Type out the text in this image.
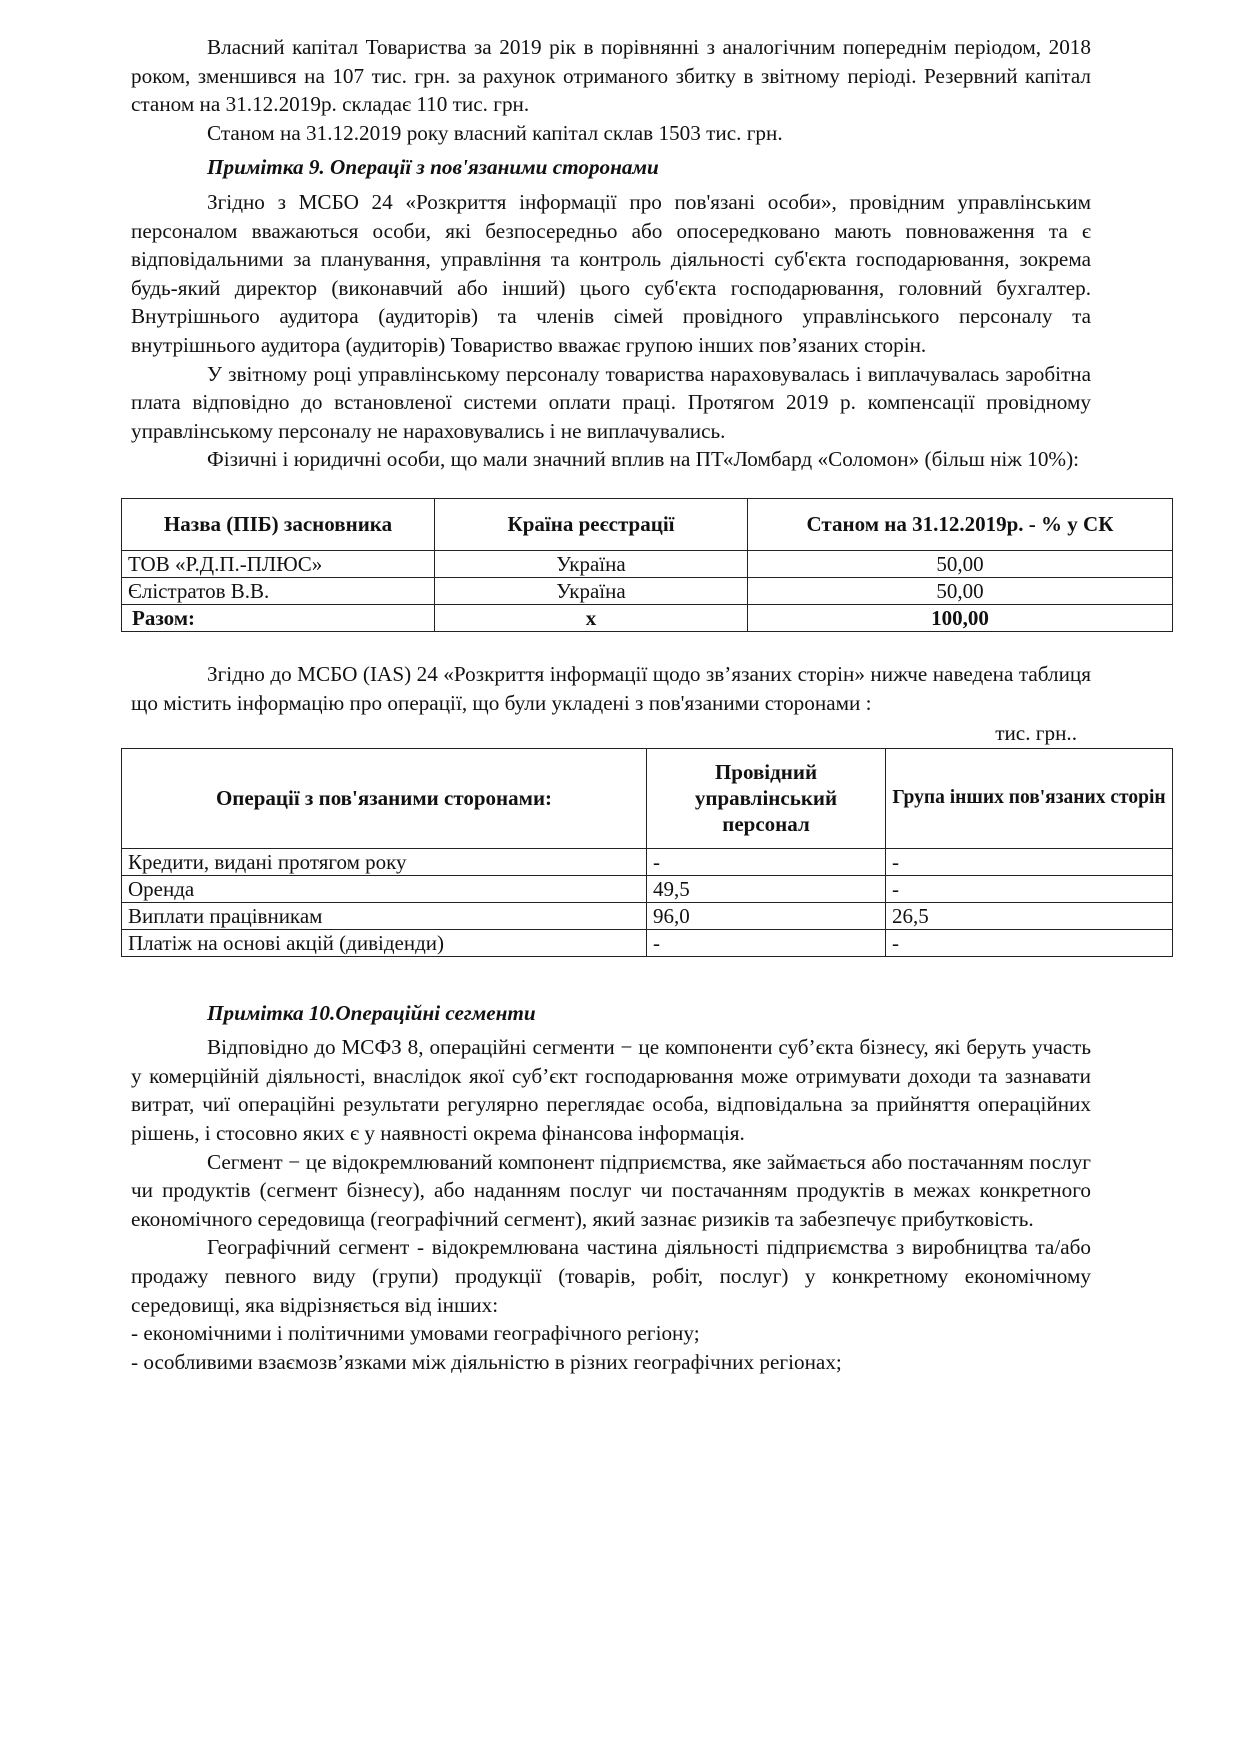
Власний капітал Товариства за 2019 рік в порівнянні з аналогічним попереднім періодом, 2018 роком, зменшився на 107 тис. грн. за рахунок отриманого збитку в звітному періоді. Резервний капітал станом на 31.12.2019р. складає 110 тис. грн.

Станом на 31.12.2019 року власний капітал склав 1503 тис. грн.

Примітка 9. Операції з пов'язаними сторонами

Згідно з МСБО 24 «Розкриття інформації про пов'язані особи», провідним управлінським персоналом вважаються особи, які безпосередньо або опосередковано мають повноваження та є відповідальними за планування, управління та контроль діяльності суб'єкта господарювання, зокрема будь-який директор (виконавчий або інший) цього суб'єкта господарювання, головний бухгалтер. Внутрішнього аудитора (аудиторів) та членів сімей провідного управлінського персоналу та внутрішнього аудитора (аудиторів) Товариство вважає групою інших пов’язаних сторін.

У звітному році управлінському персоналу товариства нараховувалась і виплачувалась заробітна плата відповідно до встановленої системи оплати праці. Протягом 2019 р. компенсації провідному управлінському персоналу не нараховувались і не виплачувались.

Фізичні і юридичні особи, що мали значний вплив на ПТ«Ломбард «Соломон» (більш ніж 10%):

Назва (ПІБ) засновника	Країна реєстрації	Станом на 31.12.2019р. - % у СК
ТОВ «Р.Д.П.-ПЛЮС»	Україна	50,00
Єлістратов В.В.	Україна	50,00
Разом:	х	100,00

Згідно до МСБО (IAS) 24 «Розкриття інформації щодо зв’язаних сторін» нижче наведена таблиця що містить інформацію про операції, що були укладені з пов'язаними сторонами :

тис. грн..

Операції з пов'язаними сторонами:	Провідний управлінський персонал	Група інших пов'язаних сторін
Кредити, видані протягом року	-	-
Оренда	49,5	-
Виплати працівникам	96,0	26,5
Платіж на основі акцій (дивіденди)	-	-

Примітка 10.Операційні сегменти

Відповідно до МСФЗ 8, операційні сегменти − це компоненти суб’єкта бізнесу, які беруть участь у комерційній діяльності, внаслідок якої суб’єкт господарювання може отримувати доходи та зазнавати витрат, чиї операційні результати регулярно переглядає особа, відповідальна за прийняття операційних рішень, і стосовно яких є у наявності окрема фінансова інформація.

Сегмент − це відокремлюваний компонент підприємства, яке займається або постачанням послуг чи продуктів (сегмент бізнесу), або наданням послуг чи постачанням продуктів в межах конкретного економічного середовища (географічний сегмент), який зазнає ризиків та забезпечує прибутковість.

Географічний сегмент - відокремлювана частина діяльності підприємства з виробництва та/або продажу певного виду (групи) продукції (товарів, робіт, послуг) у конкретному економічному середовищі, яка відрізняється від інших:

- економічними і політичними умовами географічного регіону;

- особливими взаємозв’язками між діяльністю в різних географічних регіонах;
